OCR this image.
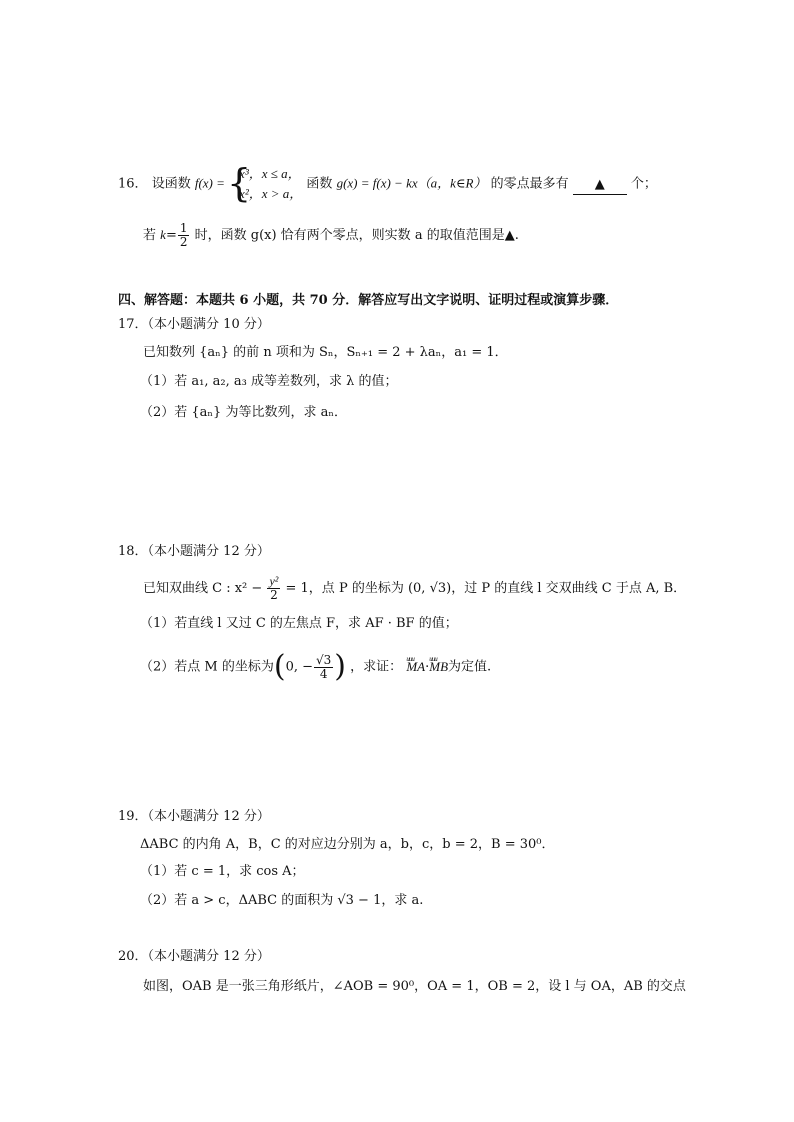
16． 设函数 f(x) =
{ x³，x ≤ a，
x²，x > a，
函数 g(x) = f(x) − kx（a，k∈R） 的零点最多有 ▲ 个；
若 $k= \frac{1}{2}$ 时，函数 g(x) 恰有两个零点，则实数 a 的取值范围是▲.
四、解答题：本题共 6 小题，共 70 分．解答应写出文字说明、证明过程或演算步骤．
17．（本小题满分 10 分）
已知数列 {aₙ} 的前 n 项和为 Sₙ，Sₙ₊₁ = 2 + λaₙ，a₁ = 1．
（1）若 a₁, a₂, a₃ 成等差数列，求 λ 的值；
（2）若 {aₙ} 为等比数列，求 aₙ．
18．（本小题满分 12 分）
已知双曲线 C : $x^2 - \frac{\text{y²}}{2} = 1$，点 P 的坐标为 (0, √3)，过 P 的直线 l 交双曲线 C 于点 A, B．
（1）若直线 l 又过 C 的左焦点 F，求 AF · BF 的值；
（2）若点 M 的坐标为(0, − $\frac{√3}{4}$ ) ，求证： uuu MA·uuu MB为定值.
19．（本小题满分 12 分）
ΔABC 的内角 A，B，C 的对应边分别为 a，b，c，b = 2，B = 30⁰．
（1）若 c = 1，求 cos A；
（2）若 a > c，ΔABC 的面积为 √3 − 1，求 a.
20．（本小题满分 12 分）
如图，OAB 是一张三角形纸片，∠AOB = 90⁰，OA = 1，OB = 2，设 l 与 OA，AB 的交点
